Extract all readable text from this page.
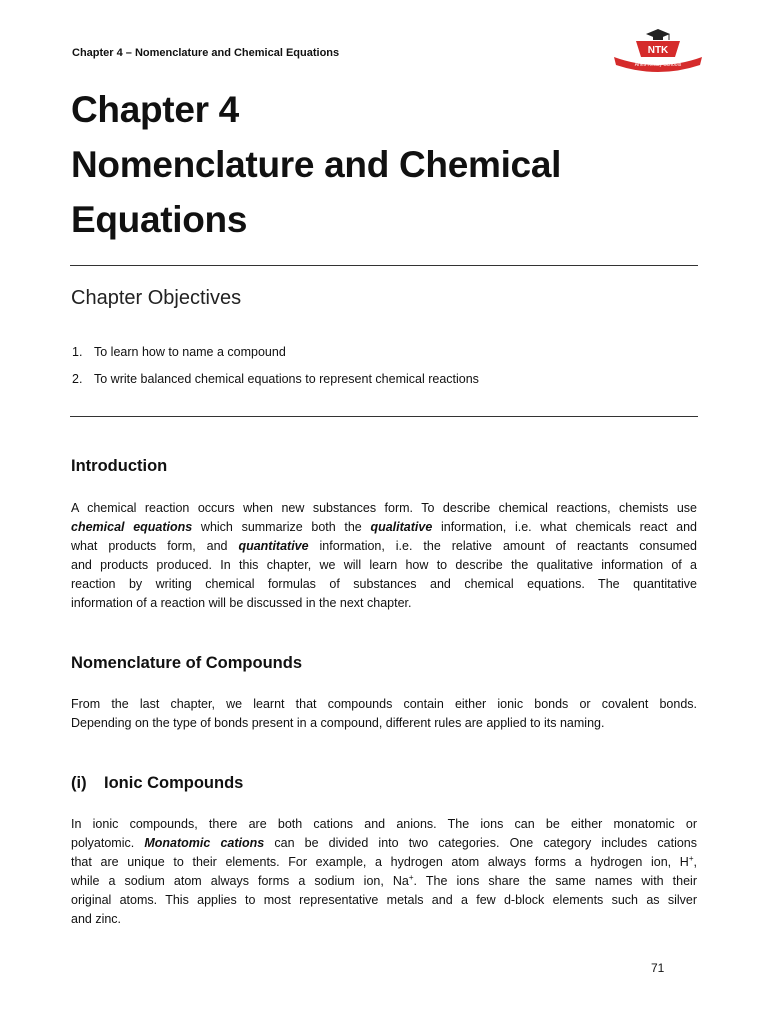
Chapter 4 – Nomenclature and Chemical Equations	NTK
Aries Ready Schools
Chapter 4
Nomenclature and Chemical
Equations
Chapter Objectives
1. To learn how to name a compound
2. To write balanced chemical equations to represent chemical reactions
Introduction
A chemical reaction occurs when new substances form. To describe chemical reactions, chemists use
chemical equations which summarize both the qualitative information, i.e. what chemicals react and
what products form, and quantitative information, i.e. the relative amount of reactants consumed
and products produced. In this chapter, we will learn how to describe the qualitative information of a
reaction by writing chemical formulas of substances and chemical equations. The quantitative
information of a reaction will be discussed in the next chapter.
Nomenclature of Compounds
From the last chapter, we learnt that compounds contain either ionic bonds or covalent bonds.
Depending on the type of bonds present in a compound, different rules are applied to its naming.
(i) Ionic Compounds
In ionic compounds, there are both cations and anions. The ions can be either monatomic or
polyatomic. Monatomic cations can be divided into two categories. One category includes cations
that are unique to their elements. For example, a hydrogen atom always forms a hydrogen ion, H+,
while a sodium atom always forms a sodium ion, Na+. The ions share the same names with their
original atoms. This applies to most representative metals and a few d-block elements such as silver
and zinc.
71
